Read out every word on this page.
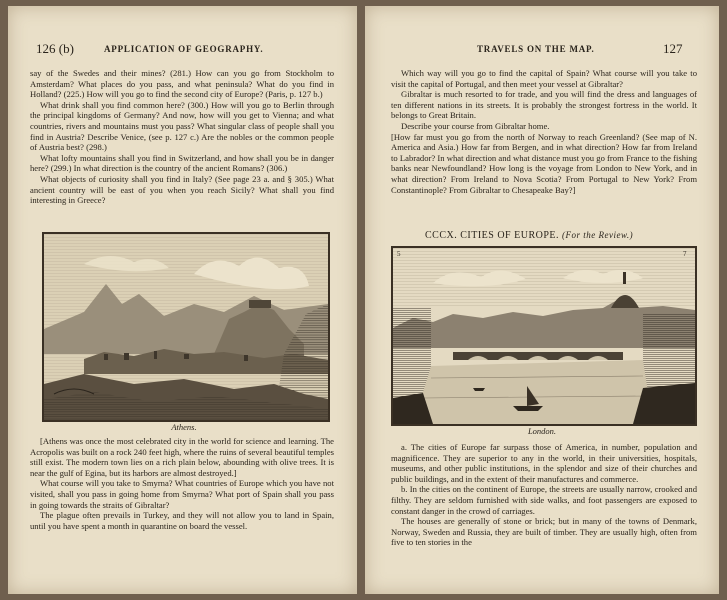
126 (b)	APPLICATION OF GEOGRAPHY.

say of the Swedes and their mines? (281.) How can you go from Stockholm to Amsterdam? What places do you pass, and what peninsula? What do you find in Holland? (225.) How will you go to find the second city of Europe? (Paris, p. 127 b.)

What drink shall you find common here? (300.) How will you go to Berlin through the principal kingdoms of Germany? And now, how will you get to Vienna; and what countries, rivers and mountains must you pass? What singular class of people shall you find in Austria? Describe Venice, (see p. 127 c.) Are the nobles or the common people of Austria best? (298.)

What lofty mountains shall you find in Switzerland, and how shall you be in danger here? (299.) In what direction is the country of the ancient Romans? (306.)

What objects of curiosity shall you find in Italy? (See page 23 a. and § 305.) What ancient country will be east of you when you reach Sicily? What shall you find interesting in Greece?

Athens.

[Athens was once the most celebrated city in the world for science and learning. The Acropolis was built on a rock 240 feet high, where the ruins of several beautiful temples still exist. The modern town lies on a rich plain below, abounding with olive trees. It is near the gulf of Egina, but its harbors are almost destroyed.]

What course will you take to Smyrna? What countries of Europe which you have not visited, shall you pass in going home from Smyrna? What port of Spain shall you pass in going towards the straits of Gibraltar?

The plague often prevails in Turkey, and they will not allow you to land in Spain, until you have spent a month in quarantine on board the vessel.

TRAVELS ON THE MAP.	127

Which way will you go to find the capital of Spain? What course will you take to visit the capital of Portugal, and then meet your vessel at Gibraltar?

Gibraltar is much resorted to for trade, and you will find the dress and languages of ten different nations in its streets. It is probably the strongest fortress in the world. It belongs to Great Britain.

Describe your course from Gibraltar home.

[How far must you go from the north of Norway to reach Greenland? (See map of N. America and Asia.) How far from Bergen, and in what direction? How far from Ireland to Labrador? In what direction and what distance must you go from France to the fishing banks near Newfoundland? How long is the voyage from London to New York, and in what direction? From Ireland to Nova Scotia? From Portugal to New York? From Constantinople? From Gibraltar to Chesapeake Bay?]

CCCX. CITIES OF EUROPE. (For the Review.)
5	7
London.

a. The cities of Europe far surpass those of America, in number, population and magnificence. They are superior to any in the world, in their universities, hospitals, museums, and other public institutions, in the splendor and size of their churches and public buildings, and in the extent of their manufactures and commerce.

b. In the cities on the continent of Europe, the streets are usually narrow, crooked and filthy. They are seldom furnished with side walks, and foot passengers are exposed to constant danger in the crowd of carriages.

The houses are generally of stone or brick; but in many of the towns of Denmark, Norway, Sweden and Russia, they are built of timber. They are usually high, often from five to ten stories in the
